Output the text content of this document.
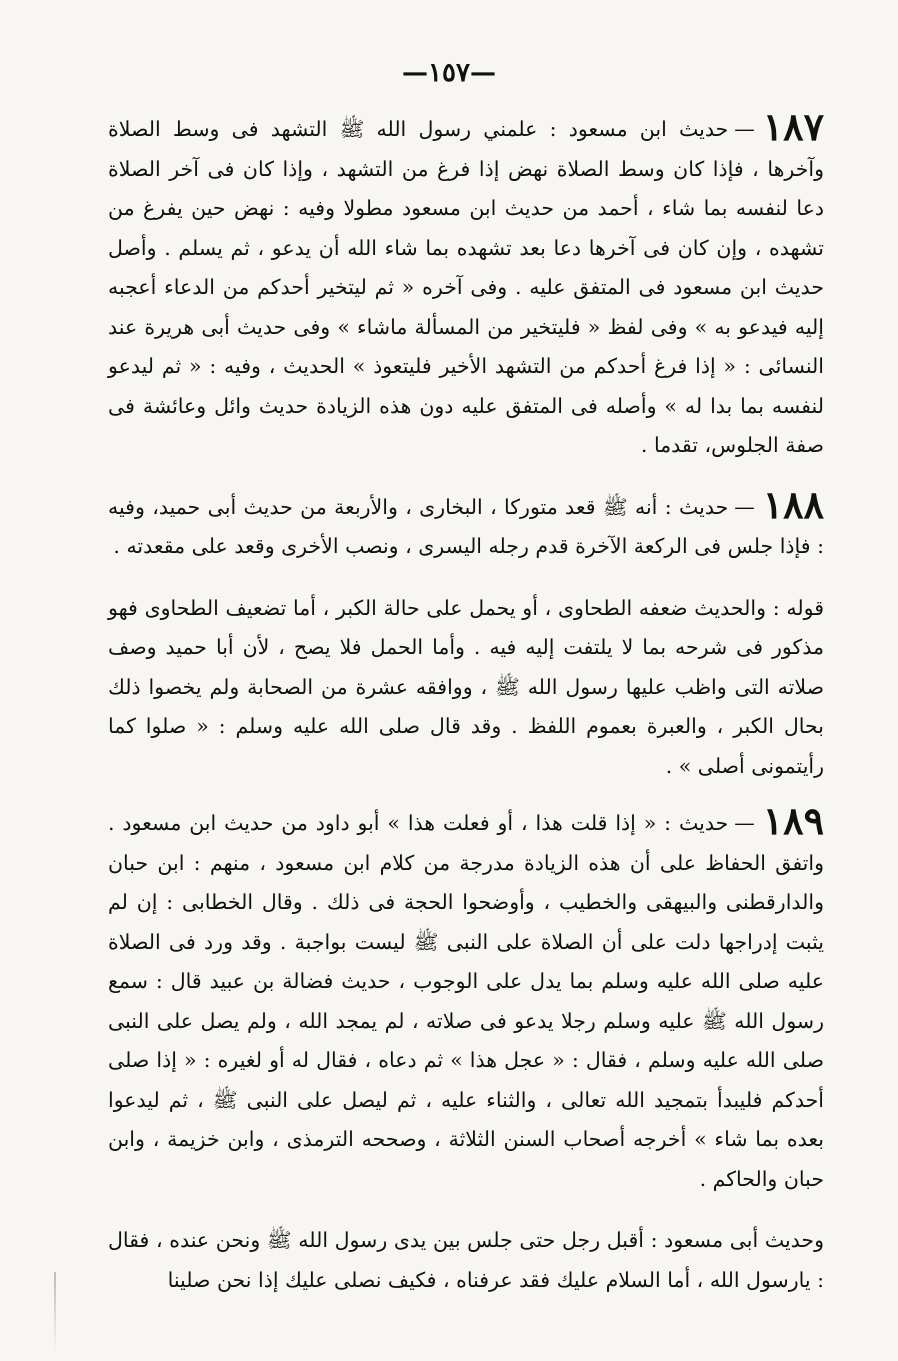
—١٥٧—

١٨٧—حديث ابن مسعود : علمني رسول الله ﷺ التشهد فى وسط الصلاة وآخرها ، فإذا كان وسط الصلاة نهض إذا فرغ من التشهد ، وإذا كان فى آخر الصلاة دعا لنفسه بما شاء ، أحمد من حديث ابن مسعود مطولا وفيه : نهض حين يفرغ من تشهده ، وإن كان فى آخرها دعا بعد تشهده بما شاء الله أن يدعو ، ثم يسلم . وأصل حديث ابن مسعود فى المتفق عليه . وفى آخره « ثم ليتخير أحدكم من الدعاء أعجبه إليه فيدعو به » وفى لفظ « فليتخير من المسألة ماشاء » وفى حديث أبى هريرة عند النسائى : « إذا فرغ أحدكم من التشهد الأخير فليتعوذ » الحديث ، وفيه : « ثم ليدعو لنفسه بما بدا له » وأصله فى المتفق عليه دون هذه الزيادة حديث وائل وعائشة فى صفة الجلوس، تقدما .

١٨٨—حديث : أنه ﷺ قعد متوركا ، البخارى ، والأربعة من حديث أبى حميد، وفيه : فإذا جلس فى الركعة الآخرة قدم رجله اليسرى ، ونصب الأخرى وقعد على مقعدته .

قوله : والحديث ضعفه الطحاوى ، أو يحمل على حالة الكبر ، أما تضعيف الطحاوى فهو مذكور فى شرحه بما لا يلتفت إليه فيه . وأما الحمل فلا يصح ، لأن أبا حميد وصف صلاته التى واظب عليها رسول الله ﷺ ، ووافقه عشرة من الصحابة ولم يخصوا ذلك بحال الكبر ، والعبرة بعموم اللفظ . وقد قال صلى الله عليه وسلم : « صلوا كما رأيتمونى أصلى » .

١٨٩—حديث : « إذا قلت هذا ، أو فعلت هذا » أبو داود من حديث ابن مسعود . واتفق الحفاظ على أن هذه الزيادة مدرجة من كلام ابن مسعود ، منهم : ابن حبان والدارقطنى والبيهقى والخطيب ، وأوضحوا الحجة فى ذلك . وقال الخطابى : إن لم يثبت إدراجها دلت على أن الصلاة على النبى ﷺ ليست بواجبة . وقد ورد فى الصلاة عليه صلى الله عليه وسلم بما يدل على الوجوب ، حديث فضالة بن عبيد قال : سمع رسول الله ﷺ عليه وسلم رجلا يدعو فى صلاته ، لم يمجد الله ، ولم يصل على النبى صلى الله عليه وسلم ، فقال : « عجل هذا » ثم دعاه ، فقال له أو لغيره : « إذا صلى أحدكم فليبدأ بتمجيد الله تعالى ، والثناء عليه ، ثم ليصل على النبى ﷺ ، ثم ليدعوا بعده بما شاء » أخرجه أصحاب السنن الثلاثة ، وصححه الترمذى ، وابن خزيمة ، وابن حبان والحاكم .

وحديث أبى مسعود : أقبل رجل حتى جلس بين يدى رسول الله ﷺ ونحن عنده ، فقال : يارسول الله ، أما السلام عليك فقد عرفناه ، فكيف نصلى عليك إذا نحن صلينا
